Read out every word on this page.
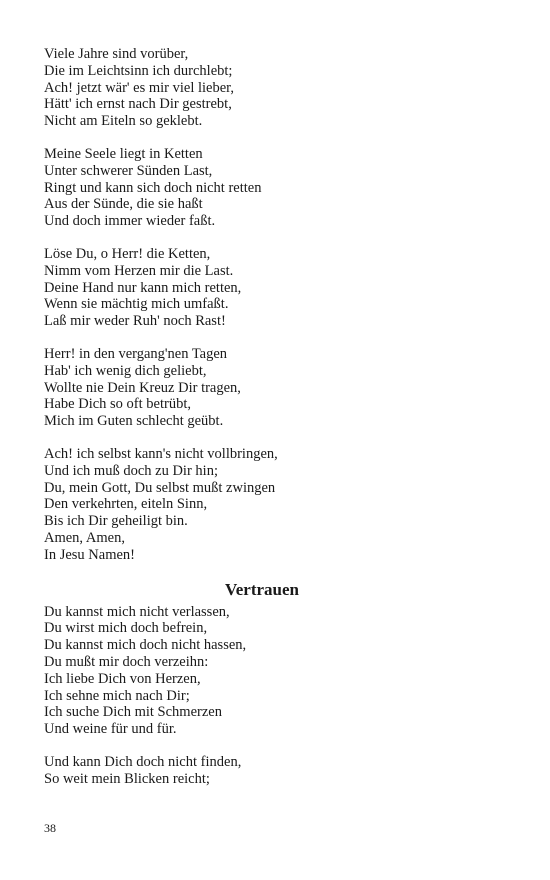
Viele Jahre sind vorüber,
Die im Leichtsinn ich durchlebt;
Ach! jetzt wär' es mir viel lieber,
Hätt' ich ernst nach Dir gestrebt,
Nicht am Eiteln so geklebt.
Meine Seele liegt in Ketten
Unter schwerer Sünden Last,
Ringt und kann sich doch nicht retten
Aus der Sünde, die sie haßt
Und doch immer wieder faßt.
Löse Du, o Herr! die Ketten,
Nimm vom Herzen mir die Last.
Deine Hand nur kann mich retten,
Wenn sie mächtig mich umfaßt.
Laß mir weder Ruh' noch Rast!
Herr! in den vergang'nen Tagen
Hab' ich wenig dich geliebt,
Wollte nie Dein Kreuz Dir tragen,
Habe Dich so oft betrübt,
Mich im Guten schlecht geübt.
Ach! ich selbst kann's nicht vollbringen,
Und ich muß doch zu Dir hin;
Du, mein Gott, Du selbst mußt zwingen
Den verkehrten, eiteln Sinn,
Bis ich Dir geheiligt bin.
Amen, Amen,
In Jesu Namen!
Vertrauen
Du kannst mich nicht verlassen,
Du wirst mich doch befrein,
Du kannst mich doch nicht hassen,
Du mußt mir doch verzeihn:
Ich liebe Dich von Herzen,
Ich sehne mich nach Dir;
Ich suche Dich mit Schmerzen
Und weine für und für.
Und kann Dich doch nicht finden,
So weit mein Blicken reicht;
38
